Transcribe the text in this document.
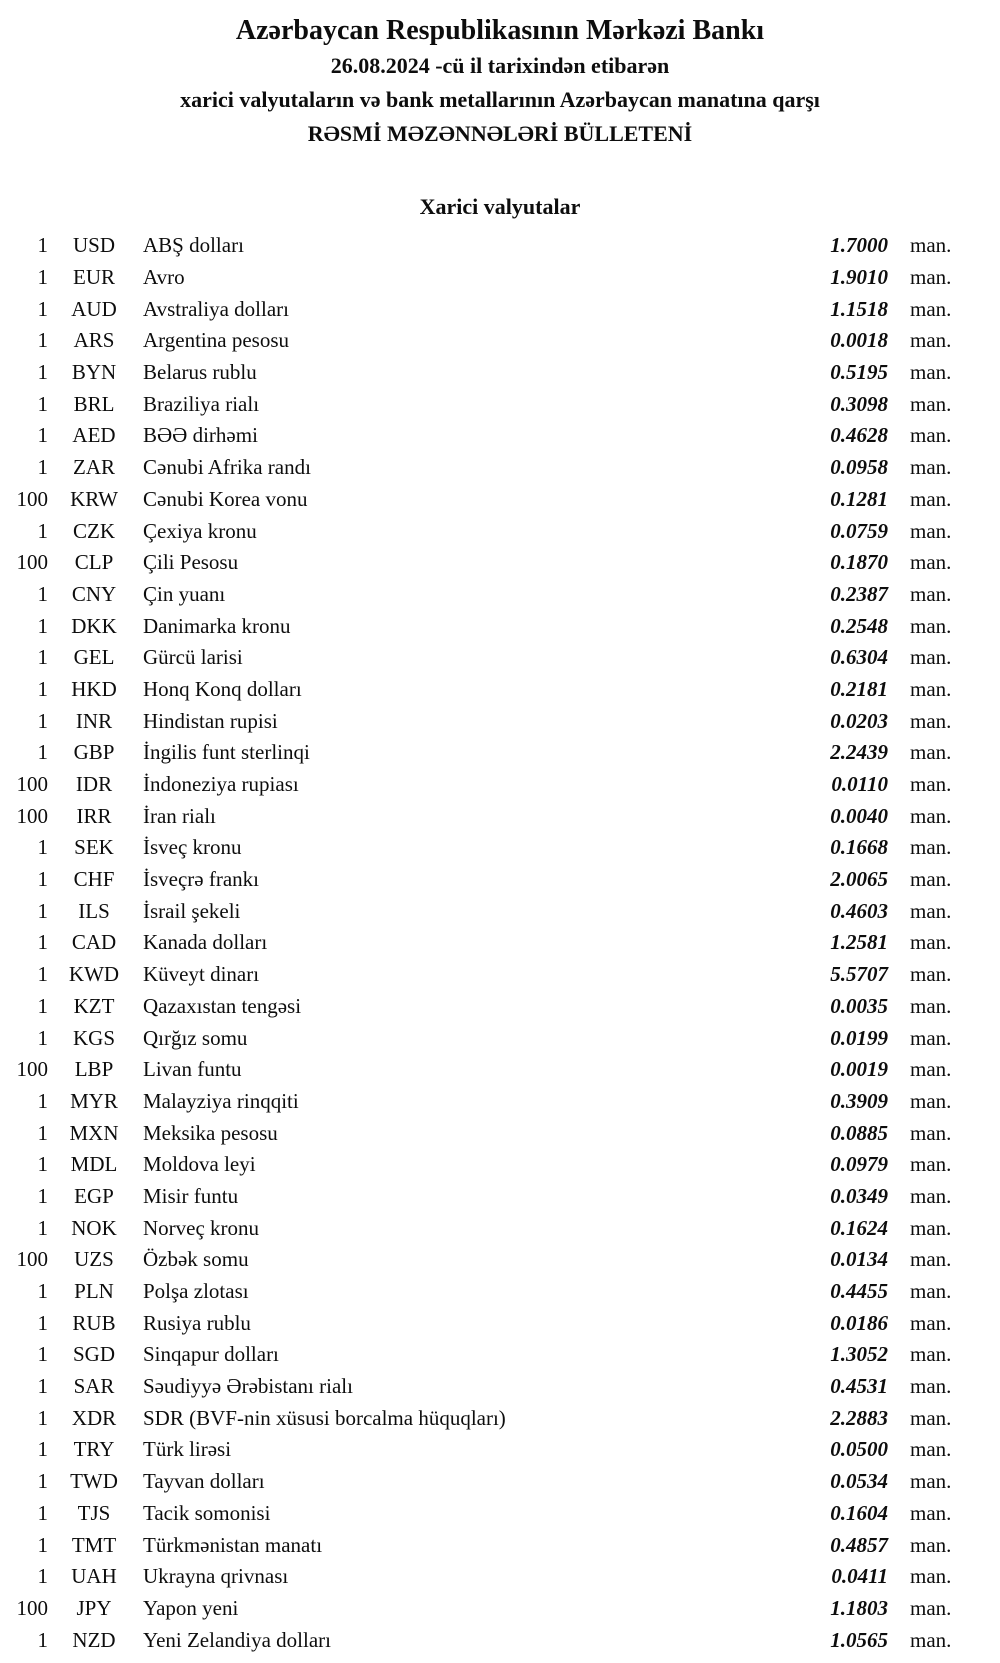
Azərbaycan Respublikasının Mərkəzi Bankı
26.08.2024 -cü il tarixindən etibarən
xarici valyutaların və bank metallarının Azərbaycan manatına qarşı
RƏSMİ MƏZƏNNƏLƏRİ BÜLLETENİ
Xarici valyutalar
1	USD	ABŞ dolları	1.7000 man.
1	EUR	Avro	1.9010 man.
1	AUD	Avstraliya dolları	1.1518 man.
1	ARS	Argentina pesosu	0.0018 man.
1	BYN	Belarus rublu	0.5195 man.
1	BRL	Braziliya rialı	0.3098 man.
1	AED	BƏƏ dirhəmi	0.4628 man.
1	ZAR	Cənubi Afrika randı	0.0958 man.
100	KRW	Cənubi Korea vonu	0.1281 man.
1	CZK	Çexiya kronu	0.0759 man.
100	CLP	Çili Pesosu	0.1870 man.
1	CNY	Çin yuanı	0.2387 man.
1	DKK	Danimarka kronu	0.2548 man.
1	GEL	Gürcü larisi	0.6304 man.
1	HKD	Honq Konq dolları	0.2181 man.
1	INR	Hindistan rupisi	0.0203 man.
1	GBP	İngilis funt sterlinqi	2.2439 man.
100	IDR	İndoneziya rupiası	0.0110 man.
100	IRR	İran rialı	0.0040 man.
1	SEK	İsveç kronu	0.1668 man.
1	CHF	İsveçrə frankı	2.0065 man.
1	ILS	İsrail şekeli	0.4603 man.
1	CAD	Kanada dolları	1.2581 man.
1 KWD	Küveyt dinarı	5.5707 man.
1	KZT	Qazaxıstan tengəsi	0.0035 man.
1	KGS	Qırğız somu	0.0199 man.
100	LBP	Livan funtu	0.0019 man.
1	MYR	Malayziya rinqqiti	0.3909 man.
1	MXN	Meksika pesosu	0.0885 man.
1	MDL	Moldova leyi	0.0979 man.
1	EGP	Misir funtu	0.0349 man.
1	NOK	Norveç kronu	0.1624 man.
100	UZS	Özbək somu	0.0134 man.
1	PLN	Polşa zlotası	0.4455 man.
1	RUB	Rusiya rublu	0.0186 man.
1	SGD	Sinqapur dolları	1.3052 man.
1	SAR	Səudiyyə Ərəbistanı rialı	0.4531 man.
1	XDR	SDR (BVF-nin xüsusi borcalma hüquqları)	2.2883 man.
1	TRY	Türk lirəsi	0.0500 man.
1	TWD	Tayvan dolları	0.0534 man.
1	TJS	Tacik somonisi	0.1604 man.
1	TMT	Türkmənistan manatı	0.4857 man.
1	UAH	Ukrayna qrivnası	0.0411 man.
100	JPY	Yapon yeni	1.1803 man.
1	NZD	Yeni Zelandiya dolları	1.0565 man.
